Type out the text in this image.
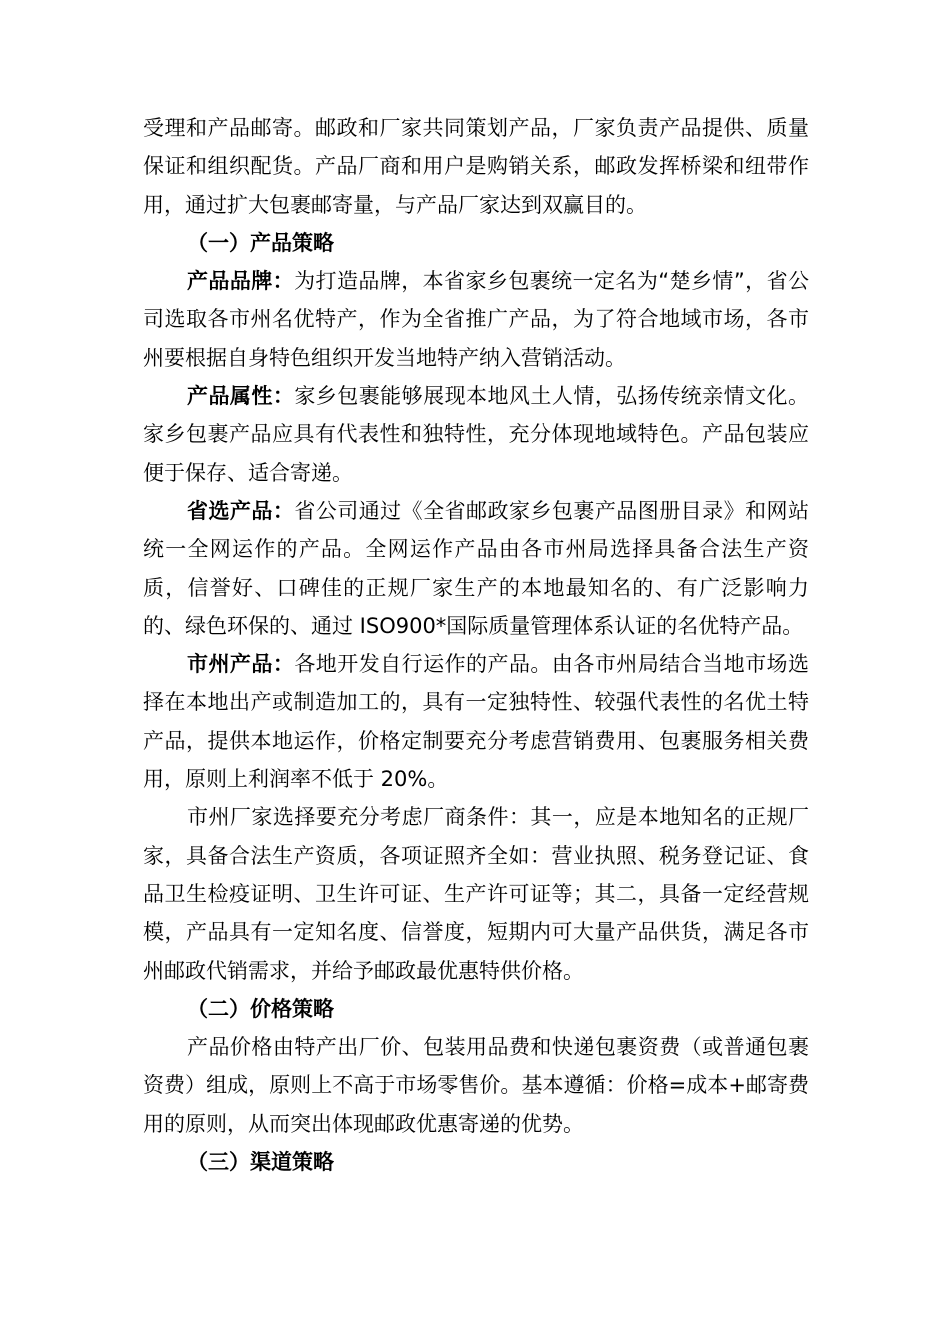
受理和产品邮寄。邮政和厂家共同策划产品，厂家负责产品提供、质量保证和组织配货。产品厂商和用户是购销关系，邮政发挥桥梁和纽带作用，通过扩大包裹邮寄量，与产品厂家达到双赢目的。

（一）产品策略

产品品牌：为打造品牌，本省家乡包裹统一定名为“楚乡情”，省公司选取各市州名优特产，作为全省推广产品，为了符合地域市场，各市州要根据自身特色组织开发当地特产纳入营销活动。

产品属性：家乡包裹能够展现本地风土人情，弘扬传统亲情文化。家乡包裹产品应具有代表性和独特性，充分体现地域特色。产品包装应便于保存、适合寄递。

省选产品：省公司通过《全省邮政家乡包裹产品图册目录》和网站统一全网运作的产品。全网运作产品由各市州局选择具备合法生产资质，信誉好、口碑佳的正规厂家生产的本地最知名的、有广泛影响力的、绿色环保的、通过 ISO900*国际质量管理体系认证的名优特产品。

市州产品：各地开发自行运作的产品。由各市州局结合当地市场选择在本地出产或制造加工的，具有一定独特性、较强代表性的名优土特产品，提供本地运作，价格定制要充分考虑营销费用、包裹服务相关费用，原则上利润率不低于 20%。

市州厂家选择要充分考虑厂商条件：其一，应是本地知名的正规厂家，具备合法生产资质，各项证照齐全如：营业执照、税务登记证、食品卫生检疫证明、卫生许可证、生产许可证等；其二，具备一定经营规模，产品具有一定知名度、信誉度，短期内可大量产品供货，满足各市州邮政代销需求，并给予邮政最优惠特供价格。

（二）价格策略

产品价格由特产出厂价、包装用品费和快递包裹资费（或普通包裹资费）组成，原则上不高于市场零售价。基本遵循：价格=成本+邮寄费用的原则，从而突出体现邮政优惠寄递的优势。

（三）渠道策略
